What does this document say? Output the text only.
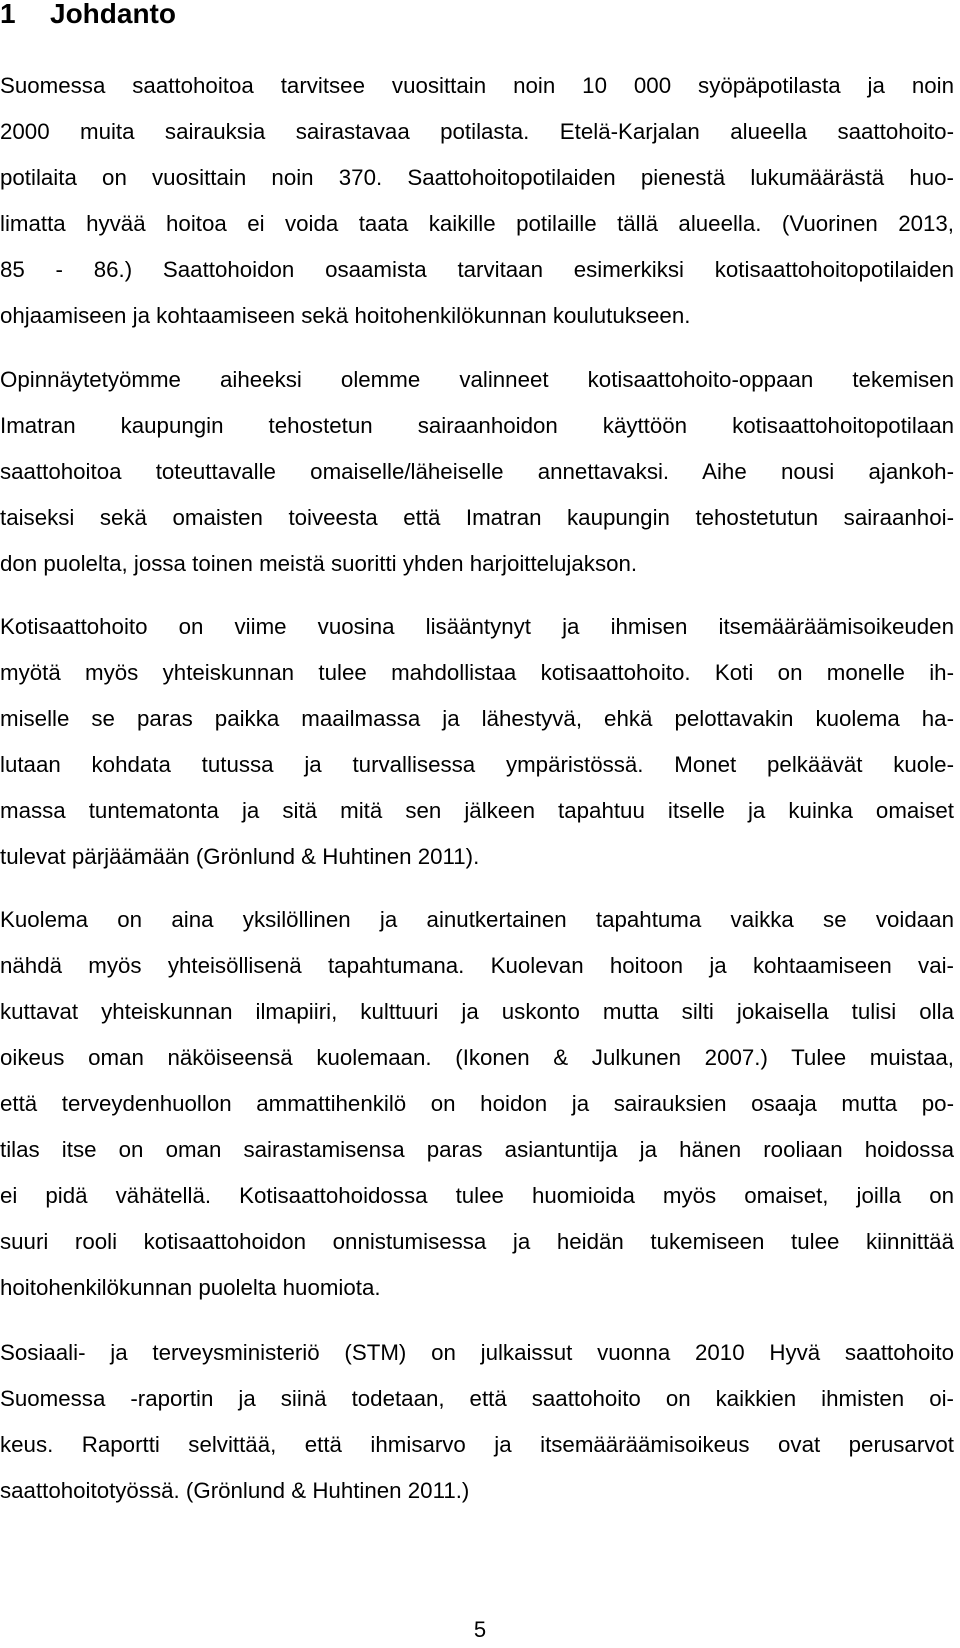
1 Johdanto

Suomessa saattohoitoa tarvitsee vuosittain noin 10 000 syöpäpotilasta ja noin
2000 muita sairauksia sairastavaa potilasta. Etelä-Karjalan alueella saattohoito-
potilaita on vuosittain noin 370. Saattohoitopotilaiden pienestä lukumäärästä huo-
limatta hyvää hoitoa ei voida taata kaikille potilaille tällä alueella. (Vuorinen 2013,
85 - 86.) Saattohoidon osaamista tarvitaan esimerkiksi kotisaattohoitopotilaiden
ohjaamiseen ja kohtaamiseen sekä hoitohenkilökunnan koulutukseen.

Opinnäytetyömme aiheeksi olemme valinneet kotisaattohoito-oppaan tekemisen
Imatran kaupungin tehostetun sairaanhoidon käyttöön kotisaattohoitopotilaan
saattohoitoa toteuttavalle omaiselle/läheiselle annettavaksi. Aihe nousi ajankoh-
taiseksi sekä omaisten toiveesta että Imatran kaupungin tehostetutun sairaanhoi-
don puolelta, jossa toinen meistä suoritti yhden harjoittelujakson.

Kotisaattohoito on viime vuosina lisääntynyt ja ihmisen itsemääräämisoikeuden
myötä myös yhteiskunnan tulee mahdollistaa kotisaattohoito. Koti on monelle ih-
miselle se paras paikka maailmassa ja lähestyvä, ehkä pelottavakin kuolema ha-
lutaan kohdata tutussa ja turvallisessa ympäristössä. Monet pelkäävät kuole-
massa tuntematonta ja sitä mitä sen jälkeen tapahtuu itselle ja kuinka omaiset
tulevat pärjäämään (Grönlund & Huhtinen 2011).

Kuolema on aina yksilöllinen ja ainutkertainen tapahtuma vaikka se voidaan
nähdä myös yhteisöllisenä tapahtumana. Kuolevan hoitoon ja kohtaamiseen vai-
kuttavat yhteiskunnan ilmapiiri, kulttuuri ja uskonto mutta silti jokaisella tulisi olla
oikeus oman näköiseensä kuolemaan. (Ikonen & Julkunen 2007.) Tulee muistaa,
että terveydenhuollon ammattihenkilö on hoidon ja sairauksien osaaja mutta po-
tilas itse on oman sairastamisensa paras asiantuntija ja hänen rooliaan hoidossa
ei pidä vähätellä. Kotisaattohoidossa tulee huomioida myös omaiset, joilla on
suuri rooli kotisaattohoidon onnistumisessa ja heidän tukemiseen tulee kiinnittää
hoitohenkilökunnan puolelta huomiota.

Sosiaali- ja terveysministeriö (STM) on julkaissut vuonna 2010 Hyvä saattohoito
Suomessa -raportin ja siinä todetaan, että saattohoito on kaikkien ihmisten oi-
keus. Raportti selvittää, että ihmisarvo ja itsemääräämisoikeus ovat perusarvot
saattohoitotyössä. (Grönlund & Huhtinen 2011.)

5
